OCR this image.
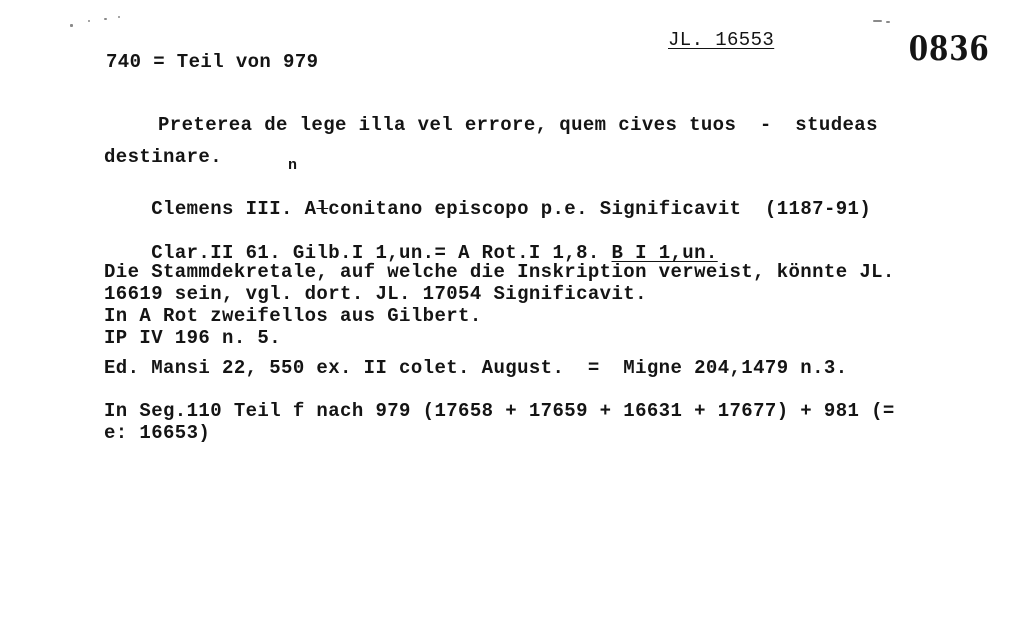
740 = Teil von 979
JL. 16553	0836
Preterea de lege illa vel errore, quem cives tuos  -  studeas
destinare.	n

Clemens III. Alconitano episcopo p.e. Significavit  (1187-91)

Clar.II 61. Gilb.I 1,un.= A Rot.I 1,8. B I 1,un.

Die Stammdekretale, auf welche die Inskription verweist, könnte JL.
16619 sein, vgl. dort. JL. 17054 Significavit.
In A Rot zweifellos aus Gilbert.
IP IV 196 n. 5.
Ed. Mansi 22, 550 ex. II colet. August.  =  Migne 204,1479 n.3.
In Seg.110 Teil f nach 979 (17658 + 17659 + 16631 + 17677) + 981 (=
e: 16653)
